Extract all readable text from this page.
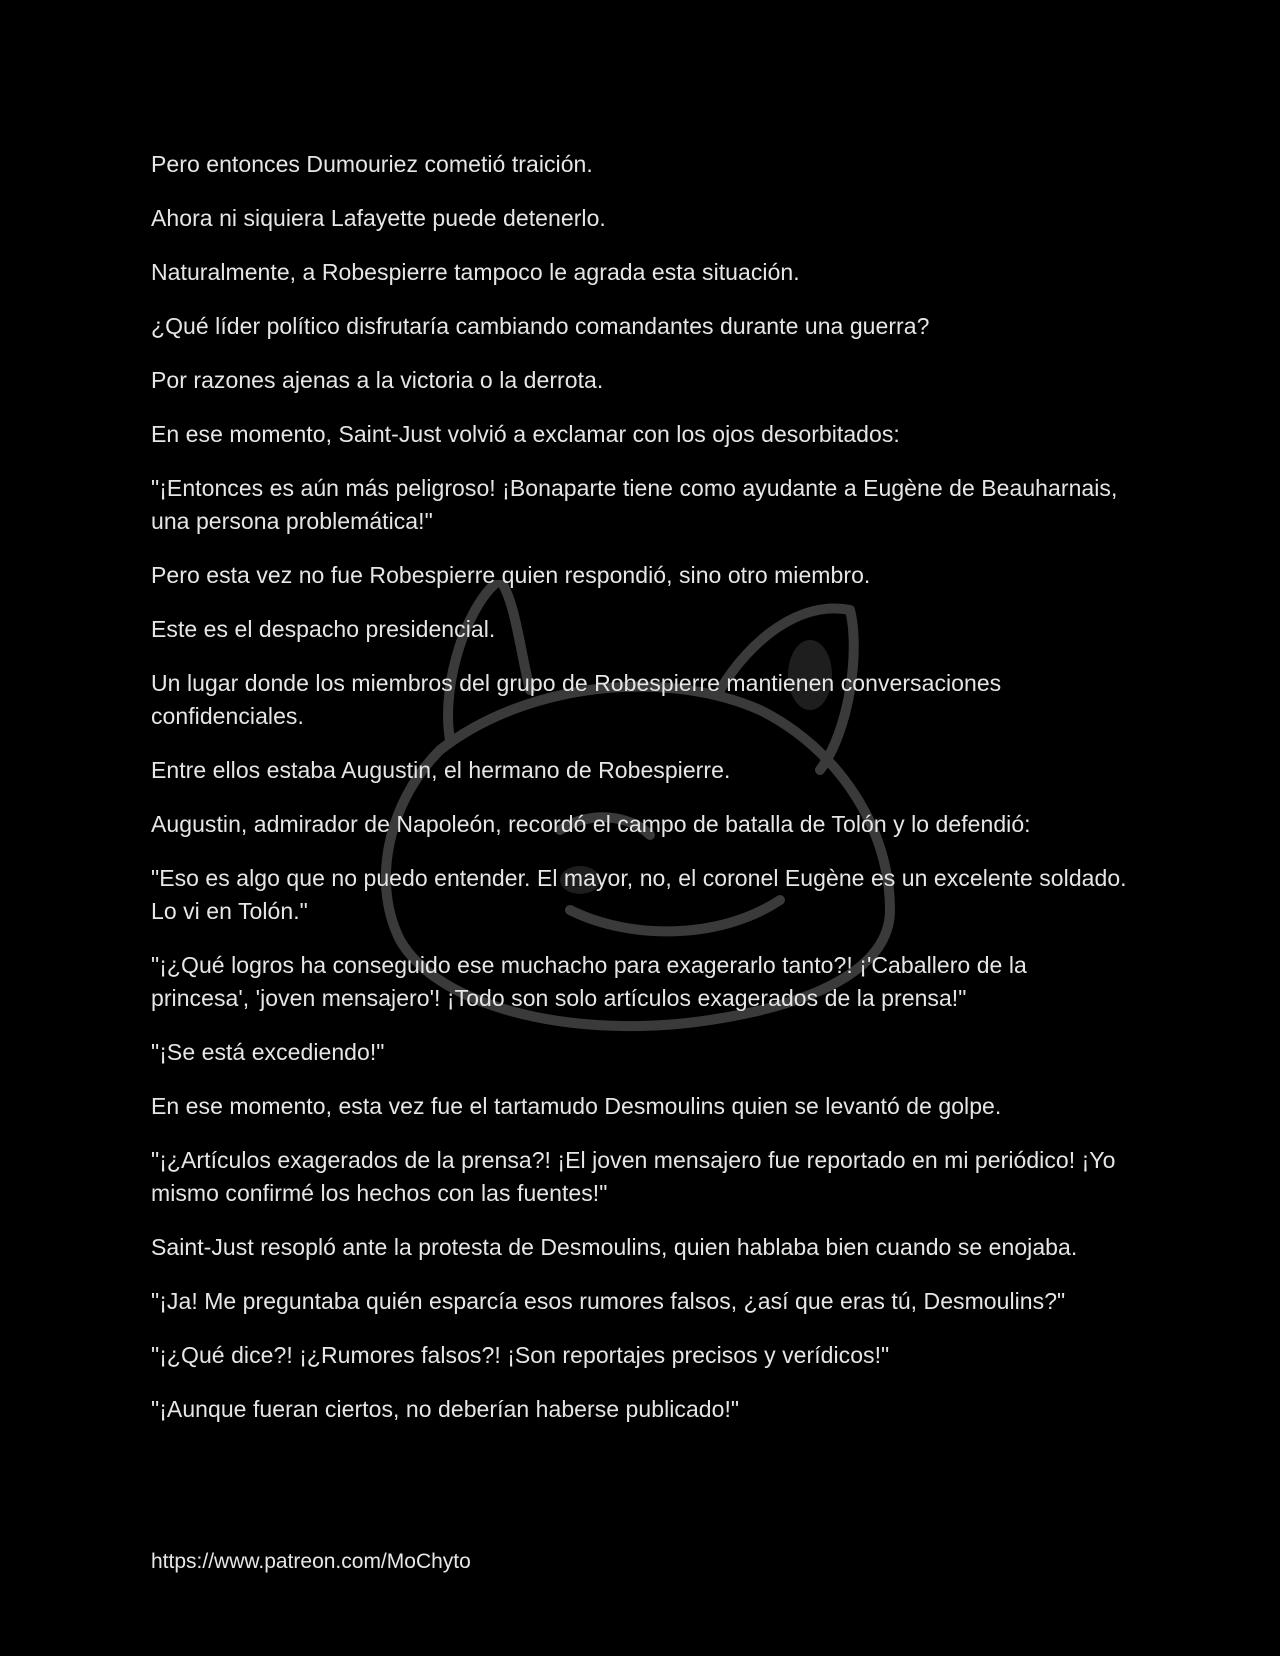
Pero entonces Dumouriez cometió traición.

Ahora ni siquiera Lafayette puede detenerlo.

Naturalmente, a Robespierre tampoco le agrada esta situación.

¿Qué líder político disfrutaría cambiando comandantes durante una guerra?

Por razones ajenas a la victoria o la derrota.

En ese momento, Saint-Just volvió a exclamar con los ojos desorbitados:

"¡Entonces es aún más peligroso! ¡Bonaparte tiene como ayudante a Eugène de Beauharnais, una persona problemática!"

Pero esta vez no fue Robespierre quien respondió, sino otro miembro.

Este es el despacho presidencial.

Un lugar donde los miembros del grupo de Robespierre mantienen conversaciones confidenciales.

Entre ellos estaba Augustin, el hermano de Robespierre.

Augustin, admirador de Napoleón, recordó el campo de batalla de Tolón y lo defendió:

"Eso es algo que no puedo entender. El mayor, no, el coronel Eugène es un excelente soldado. Lo vi en Tolón."

"¡¿Qué logros ha conseguido ese muchacho para exagerarlo tanto?! ¡'Caballero de la princesa', 'joven mensajero'! ¡Todo son solo artículos exagerados de la prensa!"

"¡Se está excediendo!"

En ese momento, esta vez fue el tartamudo Desmoulins quien se levantó de golpe.

"¡¿Artículos exagerados de la prensa?! ¡El joven mensajero fue reportado en mi periódico! ¡Yo mismo confirmé los hechos con las fuentes!"

Saint-Just resopló ante la protesta de Desmoulins, quien hablaba bien cuando se enojaba.

"¡Ja! Me preguntaba quién esparcía esos rumores falsos, ¿así que eras tú, Desmoulins?"

"¡¿Qué dice?! ¡¿Rumores falsos?! ¡Son reportajes precisos y verídicos!"

"¡Aunque fueran ciertos, no deberían haberse publicado!"

https://www.patreon.com/MoChyto
